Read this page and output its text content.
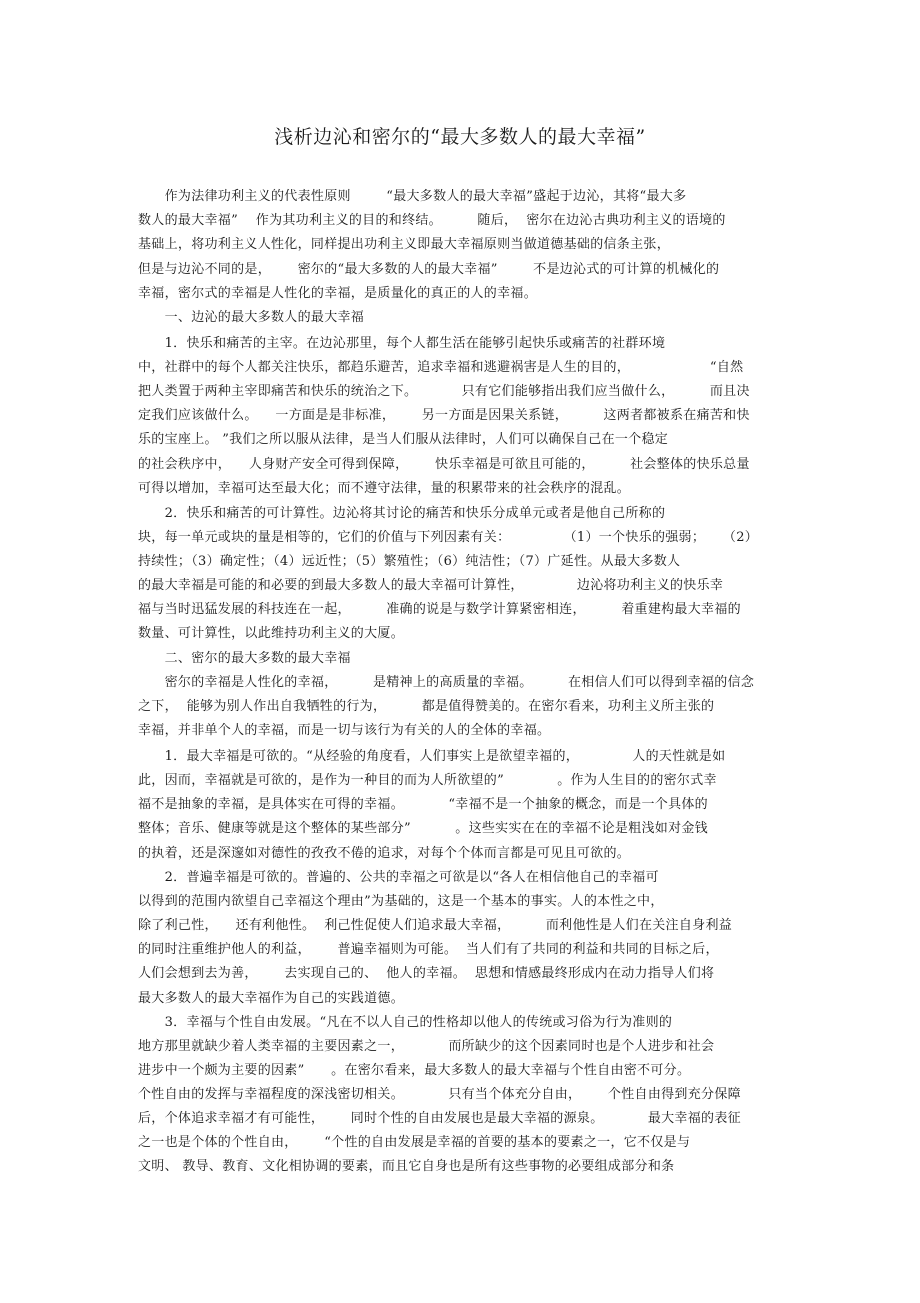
浅析边沁和密尔的“最大多数人的最大幸福”

作为法律功利主义的代表性原则        “最大多数人的最大幸福”盛起于边沁，其将“最大多

数人的最大幸福”    作为其功利主义的目的和终结。        随后，  密尔在边沁古典功利主义的语境的

基础上，将功利主义人性化，同样提出功利主义即最大幸福原则当做道德基础的信条主张，

但是与边沁不同的是，      密尔的“最大多数的人的最大幸福”        不是边沁式的可计算的机械化的

幸福，密尔式的幸福是人性化的幸福，是质量化的真正的人的幸福。

一、边沁的最大多数人的最大幸福

1．快乐和痛苦的主宰。在边沁那里，每个人都生活在能够引起快乐或痛苦的社群环境

中，社群中的每个人都关注快乐，都趋乐避苦，追求幸福和逃避祸害是人生的目的，                  “自然

把人类置于两种主宰即痛苦和快乐的统治之下。          只有它们能够指出我们应当做什么，        而且决

定我们应该做什么。    一方面是是非标准，      另一方面是因果关系链，        这两者都被系在痛苦和快

乐的宝座上。 ”我们之所以服从法律，是当人们服从法律时，人们可以确保自己在一个稳定

的社会秩序中，    人身财产安全可得到保障，      快乐幸福是可欲且可能的，        社会整体的快乐总量

可得以增加，幸福可达至最大化；而不遵守法律，量的积累带来的社会秩序的混乱。

2．快乐和痛苦的可计算性。边沁将其讨论的痛苦和快乐分成单元或者是他自己所称的

块，每一单元或块的量是相等的，它们的价值与下列因素有关：            （1）一个快乐的强弱；    （2）

持续性；（3）确定性；（4）远近性；（5）繁殖性；（6）纯洁性；（7）广延性。从最大多数人

的最大幸福是可能的和必要的到最大多数人的最大幸福可计算性，            边沁将功利主义的快乐幸

福与当时迅猛发展的科技连在一起，        准确的说是与数学计算紧密相连，        着重建构最大幸福的

数量、可计算性，以此维持功利主义的大厦。

二、密尔的最大多数的最大幸福

密尔的幸福是人性化的幸福，        是精神上的高质量的幸福。        在相信人们可以得到幸福的信念

之下，  能够为别人作出自我牺牲的行为，        都是值得赞美的。在密尔看来，功利主义所主张的

幸福，并非单个人的幸福，而是一切与该行为有关的人的全体的幸福。

1．最大幸福是可欲的。“从经验的角度看，人们事实上是欲望幸福的，            人的天性就是如

此，因而，幸福就是可欲的，是作为一种目的而为人所欲望的”            。作为人生目的的密尔式幸

福不是抽象的幸福，是具体实在可得的幸福。          “幸福不是一个抽象的概念，而是一个具体的

整体；音乐、健康等就是这个整体的某些部分”          。这些实实在在的幸福不论是粗浅如对金钱

的执着，还是深邃如对德性的孜孜不倦的追求，对每个个体而言都是可见且可欲的。

2．普遍幸福是可欲的。普遍的、公共的幸福之可欲是以“各人在相信他自己的幸福可

以得到的范围内欲望自己幸福这个理由”为基础的，这是一个基本的事实。人的本性之中，

除了利己性，    还有利他性。  利己性促使人们追求最大幸福，        而利他性是人们在关注自身利益

的同时注重维护他人的利益，      普遍幸福则为可能。  当人们有了共同的利益和共同的目标之后，

人们会想到去为善，      去实现自己的、  他人的幸福。  思想和情感最终形成内在动力指导人们将

最大多数人的最大幸福作为自己的实践道德。

3．幸福与个性自由发展。“凡在不以人自己的性格却以他人的传统或习俗为行为准则的

地方那里就缺少着人类幸福的主要因素之一，          而所缺少的这个因素同时也是个人进步和社会

进步中一个颇为主要的因素”      。在密尔看来，最大多数人的最大幸福与个性自由密不可分。

个性自由的发挥与幸福程度的深浅密切相关。          只有当个体充分自由，      个性自由得到充分保障

后，个体追求幸福才有可能性，      同时个性的自由发展也是最大幸福的源泉。          最大幸福的表征

之一也是个体的个性自由，      “个性的自由发展是幸福的首要的基本的要素之一，它不仅是与

文明、 教导、教育、文化相协调的要素，而且它自身也是所有这些事物的必要组成部分和条
